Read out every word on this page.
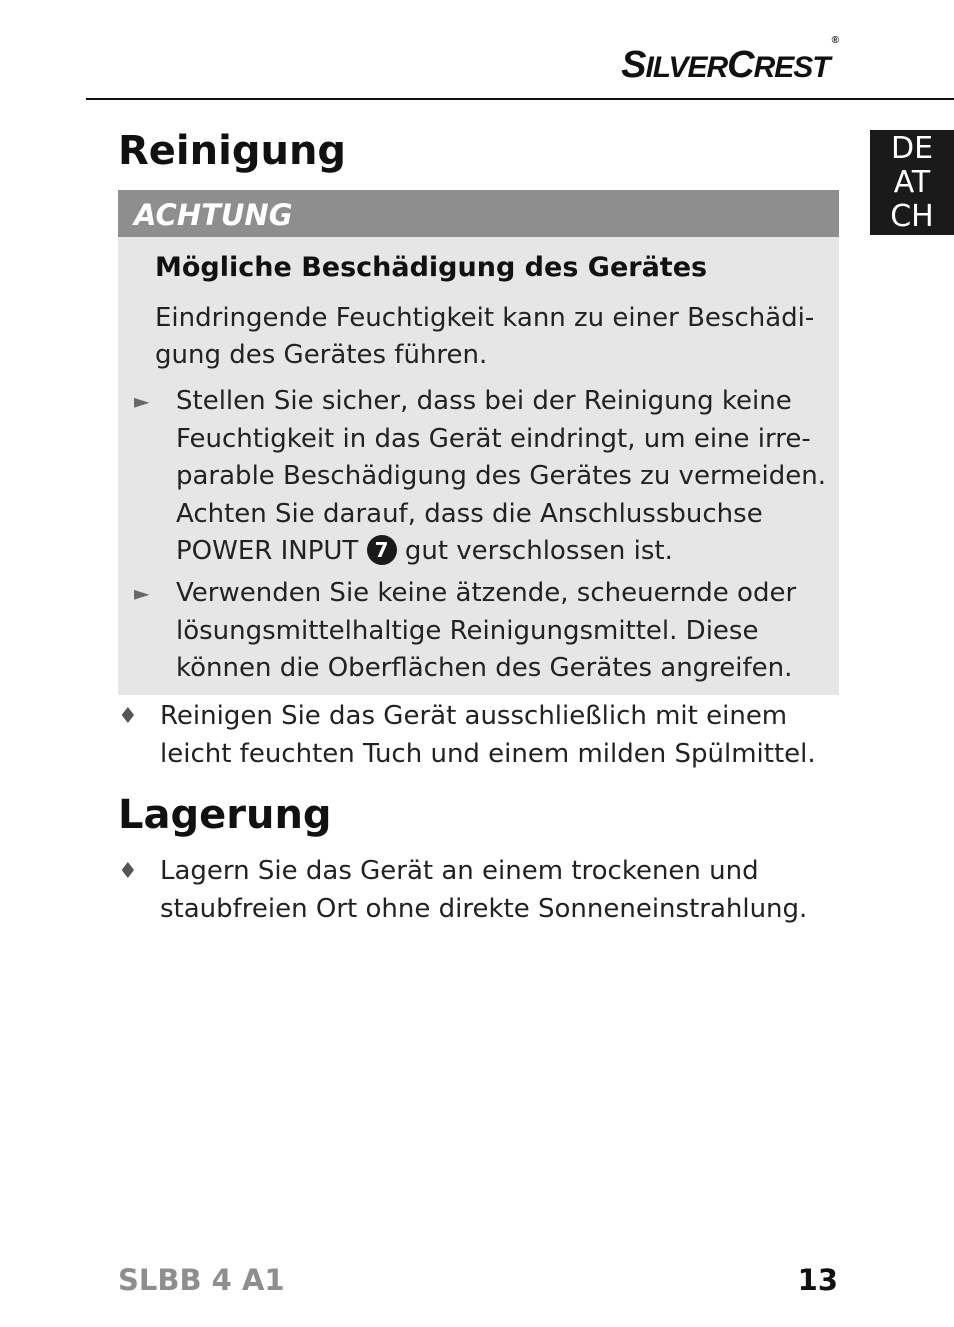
SILVERCREST®
DE
AT
CH
Reinigung
ACHTUNG
Mögliche Beschädigung des Gerätes
Eindringende Feuchtigkeit kann zu einer Beschädigung des Gerätes führen.
► Stellen Sie sicher, dass bei der Reinigung keine Feuchtigkeit in das Gerät eindringt, um eine irreparable Beschädigung des Gerätes zu vermeiden. Achten Sie darauf, dass die Anschlussbuchse POWER INPUT 7 gut verschlossen ist.
► Verwenden Sie keine ätzende, scheuernde oder lösungsmittelhaltige Reinigungsmittel. Diese können die Oberflächen des Gerätes angreifen.
♦ Reinigen Sie das Gerät ausschließlich mit einem leicht feuchten Tuch und einem milden Spülmittel.
Lagerung
♦ Lagern Sie das Gerät an einem trockenen und staubfreien Ort ohne direkte Sonneneinstrahlung.
SLBB 4 A1	13
